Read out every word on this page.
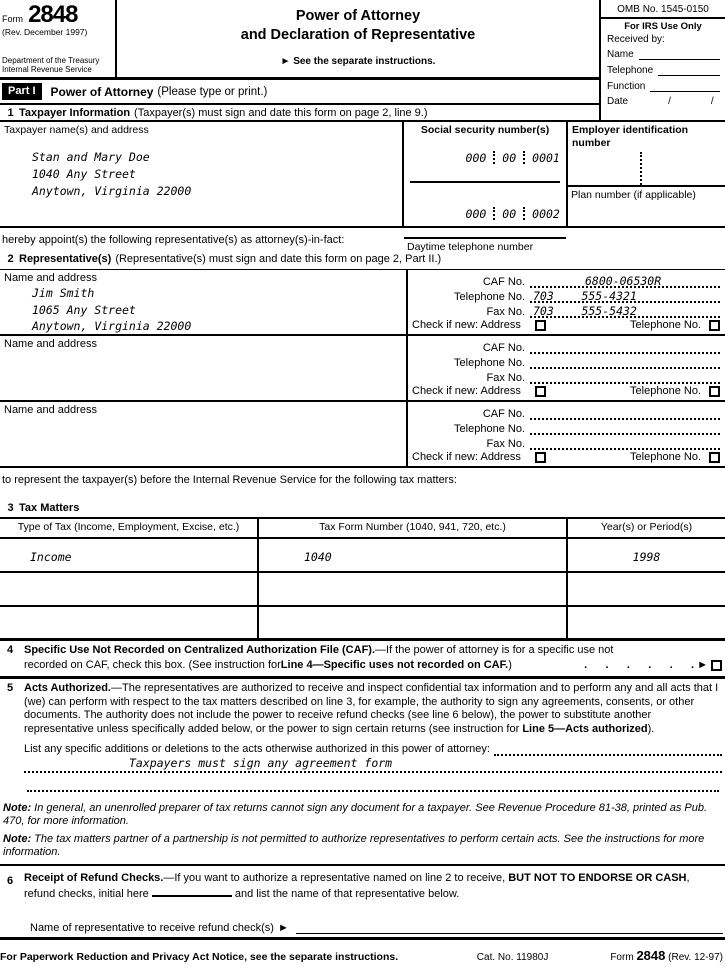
Form 2848
(Rev. December 1997)
Department of the Treasury
Internal Revenue Service
Power of Attorney
and Declaration of Representative
► See the separate instructions.
Part I	Power of Attorney (Please type or print.)
1 Taxpayer Information (Taxpayer(s) must sign and date this form on page 2, line 9.)
OMB No. 1545-0150
For IRS Use Only
Received by:
Name
Telephone
Function
Date	/	/
Taxpayer name(s) and address
Stan and Mary Doe
1040 Any Street
Anytown, Virginia 22000
Social security number(s)

000 00 0001

000 00 0002

Daytime telephone number
Employer identification number
Plan number (if applicable)
hereby appoint(s) the following representative(s) as attorney(s)-in-fact:
2 Representative(s) (Representative(s) must sign and date this form on page 2, Part II.)
Name and address
Jim Smith
1065 Any Street
Anytown, Virginia 22000
CAF No.	6800-06530R
Telephone No. 703    555-4321
Fax No. 703    555-5432
Check if new: Address	Telephone No.
Name and address	CAF No.
Telephone No.
Fax No.
Check if new: Address	Telephone No.
Name and address	CAF No.
Telephone No.
Fax No.
Check if new: Address	Telephone No.
to represent the taxpayer(s) before the Internal Revenue Service for the following tax matters:
3 Tax Matters
Type of Tax (Income, Employment, Excise, etc.)	Tax Form Number (1040, 941, 720, etc.)	Year(s) or Period(s)
Income	1040	1998
4 Specific Use Not Recorded on Centralized Authorization File (CAF).—If the power of attorney is for a specific use not
recorded on CAF, check this box. (See instruction for Line 4—Specific uses not recorded on CAF. )	.      .      .      .      .      . ►
5 Acts Authorized.—The representatives are authorized to receive and inspect confidential tax information and to perform any and all acts that I (we) can perform with respect to the tax matters described on line 3, for example, the authority to sign any agreements, consents, or other documents. The authority does not include the power to receive refund checks (see line 6 below), the power to substitute another representative unless specifically added below, or the power to sign certain returns (see instruction for Line 5—Acts authorized).
List any specific additions or deletions to the acts otherwise authorized in this power of attorney:
Taxpayers must sign any agreement form
Note: In general, an unenrolled preparer of tax returns cannot sign any document for a taxpayer. See Revenue Procedure 81-38, printed as Pub. 470, for more information.
Note: The tax matters partner of a partnership is not permitted to authorize representatives to perform certain acts. See the instructions for more information.
6 Receipt of Refund Checks.—If you want to authorize a representative named on line 2 to receive, BUT NOT TO ENDORSE OR CASH, refund checks, initial here	and list the name of that representative below.
Name of representative to receive refund check(s) ►
For Paperwork Reduction and Privacy Act Notice, see the separate instructions.	Cat. No. 11980J	Form 2848 (Rev. 12-97)
